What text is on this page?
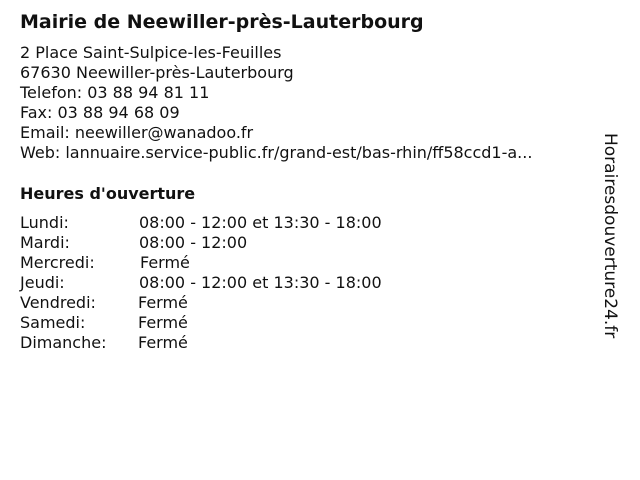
Mairie de Neewiller-près-Lauterbourg
2 Place Saint-Sulpice-les-Feuilles
67630 Neewiller-près-Lauterbourg
Telefon: 03 88 94 81 11
Fax: 03 88 94 68 09
Email: neewiller@wanadoo.fr
Web: lannuaire.service-public.fr/grand-est/bas-rhin/ff58ccd1-a...
Heures d'ouverture
Lundi:	08:00 - 12:00 et 13:30 - 18:00
Mardi:	08:00 - 12:00
Mercredi:	Fermé
Jeudi:	08:00 - 12:00 et 13:30 - 18:00
Vendredi:	Fermé
Samedi:	Fermé
Dimanche: Fermé
Horairesdouverture24.fr
